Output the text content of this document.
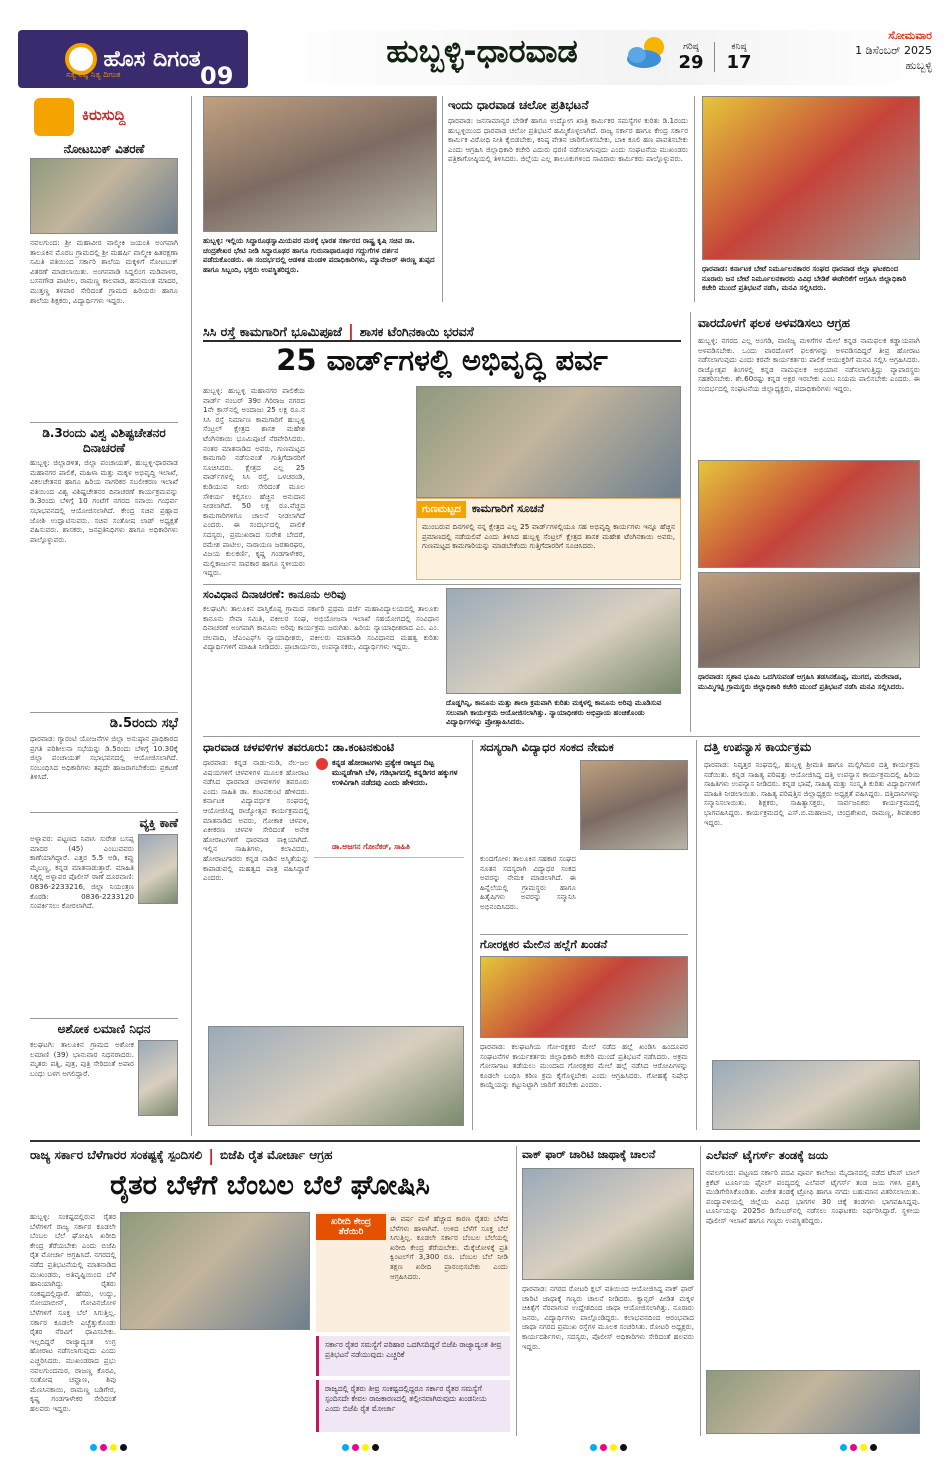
ಹೊಸ ದಿಗಂತ
ಸತ್ಯ ನಿಷ್ಠೆ ನಿತ್ಯ ದಿಗಂತ	09
ಹುಬ್ಬಳ್ಳಿ-ಧಾರವಾಡ	ಗರಿಷ್ಠ
29
ಕನಿಷ್ಠ
17
ಸೋಮವಾರ
1 ಡಿಸೆಂಬರ್ 2025
ಹುಬ್ಬಳ್ಳಿ
ಕಿರುಸುದ್ದಿ
ನೋಟಬುಕ್ ವಿತರಣೆ
ನವಲಗುಂದ: ಶ್ರೀ ಮಹಾವೀರ ವಾಲ್ಮೀಕಿ ಜಯಂತಿ ಅಂಗವಾಗಿ ತಾಲೂಕಿನ ಮೊರಬ ಗ್ರಾಮದಲ್ಲಿ ಶ್ರೀ ಮಹರ್ಷಿ ವಾಲ್ಮೀಕಿ ಹಿತರಕ್ಷಣಾ ಸಮಿತಿ ವತಿಯಿಂದ ಸರ್ಕಾರಿ ಶಾಲೆಯ ಮಕ್ಕಳಿಗೆ ನೋಟಬುಕ್ ವಿತರಣೆ ಮಾಡಲಾಯಿತು. ಅಂಗನವಾಡಿ ಸಿದ್ದಲಿಂಗ ಮಡಿವಾಳರ, ಬಸನಗೌಡ ಪಾಟೀಲ, ರಾಮಣ್ಣ ಕಾಲವಾಡ, ಹನುಮಂತ ಮಾದರ, ಮುತ್ತಣ್ಣ ತಳವಾರ ಸೇರಿದಂತೆ ಗ್ರಾಮದ ಹಿರಿಯರು ಹಾಗೂ ಶಾಲೆಯ ಶಿಕ್ಷಕರು, ವಿದ್ಯಾರ್ಥಿಗಳು ಇದ್ದರು.
ಡಿ.3ರಂದು ವಿಶ್ವ ವಿಶಿಷ್ಟಚೇತನರ ದಿನಾಚರಣೆ
ಹುಬ್ಬಳ್ಳಿ: ಜಿಲ್ಲಾಡಳಿತ, ಜಿಲ್ಲಾ ಪಂಚಾಯತ್, ಹುಬ್ಬಳ್ಳಿ-ಧಾರವಾಡ ಮಹಾನಗರ ಪಾಲಿಕೆ, ಮಹಿಳಾ ಮತ್ತು ಮಕ್ಕಳ ಅಭಿವೃದ್ಧಿ ಇಲಾಖೆ, ವಿಕಲಚೇತನರ ಹಾಗೂ ಹಿರಿಯ ನಾಗರಿಕರ ಸಬಲೀಕರಣ ಇಲಾಖೆ ವತಿಯಿಂದ ವಿಶ್ವ ವಿಶಿಷ್ಟಚೇತನರ ದಿನಾಚರಣೆ ಕಾರ್ಯಕ್ರಮವನ್ನು ಡಿ.3ರಂದು ಬೆಳಿಗ್ಗೆ 10 ಗಂಟೆಗೆ ನಗರದ ಸವಾಯಿ ಗಂಧರ್ವ ಸಭಾಭವನದಲ್ಲಿ ಆಯೋಜಿಸಲಾಗಿದೆ. ಕೇಂದ್ರ ಸಚಿವ ಪ್ರಹ್ಲಾದ ಜೋಶಿ ಉದ್ಘಾಟಿಸುವರು. ಸಚಿವ ಸಂತೋಷ ಲಾಡ್ ಅಧ್ಯಕ್ಷತೆ ವಹಿಸುವರು. ಶಾಸಕರು, ಜನಪ್ರತಿನಿಧಿಗಳು ಹಾಗೂ ಅಧಿಕಾರಿಗಳು ಪಾಲ್ಗೊಳ್ಳುವರು.
ಡಿ.5ರಂದು ಸಭೆ
ಧಾರವಾಡ: ಗ್ಯಾರಂಟಿ ಯೋಜನೆಗಳ ಜಿಲ್ಲಾ ಅನುಷ್ಠಾನ ಪ್ರಾಧಿಕಾರದ ಪ್ರಗತಿ ಪರಿಶೀಲನಾ ಸಭೆಯನ್ನು ಡಿ.5ರಂದು ಬೆಳಿಗ್ಗೆ 10.30ಕ್ಕೆ ಜಿಲ್ಲಾ ಪಂಚಾಯತ್ ಸಭಾಭವನದಲ್ಲಿ ಆಯೋಜಿಸಲಾಗಿದೆ. ಸಂಬಂಧಿಸಿದ ಅಧಿಕಾರಿಗಳು ತಪ್ಪದೇ ಹಾಜರಾಗಬೇಕೆಂದು ಪ್ರಕಟಣೆ ತಿಳಿಸಿದೆ.
ವ್ಯಕ್ತಿ ಕಾಣೆ
ಅಳ್ನಾವರ: ಪಟ್ಟಣದ ನಿವಾಸಿ ಸುರೇಶ ಬಸಪ್ಪ ಮಾದರ (45) ಎಂಬುವವರು ಕಾಣೆಯಾಗಿದ್ದಾರೆ. ಎತ್ತರ 5.5 ಅಡಿ, ಕಪ್ಪು ಮೈಬಣ್ಣ, ಕನ್ನಡ ಮಾತನಾಡುತ್ತಾರೆ. ಮಾಹಿತಿ ಸಿಕ್ಕಲ್ಲಿ ಅಳ್ನಾವರ ಪೊಲೀಸ್ ಠಾಣೆ ದೂರವಾಣಿ: 0836-2233216, ಜಿಲ್ಲಾ ನಿಯಂತ್ರಣ ಕೊಠಡಿ: 0836-2233120 ಸಂಪರ್ಕಿಸಲು ಕೋರಲಾಗಿದೆ.
ಅಶೋಕ ಲಮಾಣಿ ನಿಧನ
ಕಲಘಟಗಿ: ತಾಲೂಕಿನ ಗ್ರಾಮದ ಅಶೋಕ ಲಮಾಣಿ (39) ಭಾನುವಾರ ನಿಧನರಾದರು. ಮೃತರು ಪತ್ನಿ, ಪುತ್ರ, ಪುತ್ರಿ ಸೇರಿದಂತೆ ಅಪಾರ ಬಂಧು ಬಳಗ ಅಗಲಿದ್ದಾರೆ.
ಹುಬ್ಬಳ್ಳಿ: ಇಲ್ಲಿಯ ಸಿದ್ಧಾರೂಢಸ್ವಾಮಿಯವರ ಮಠಕ್ಕೆ ಭಾರತ ಸರ್ಕಾರದ ರಾಷ್ಟ್ರ ಕೃಷಿ ಸಚಿವ ಡಾ. ಚಂದ್ರಶೇಖರ ಭೇಟಿ ನೀಡಿ ಸಿದ್ಧಾರೂಢರ ಹಾಗೂ ಗುರುನಾಥಾರೂಢರ ಗದ್ದುಗೆಗಳ ದರ್ಶನ ಪಡೆದುಕೊಂಡರು. ಈ ಸಂದರ್ಭದಲ್ಲಿ ಆಡಳಿತ ಮಂಡಳಿ ಪದಾಧಿಕಾರಿಗಳು, ಮ್ಯಾನೇಜರ್ ಈರಣ್ಣ ತುಪ್ಪದ ಹಾಗೂ ಸಿಬ್ಬಂದಿ, ಭಕ್ತರು ಉಪಸ್ಥಿತರಿದ್ದರು.
ಇಂದು ಧಾರವಾಡ ಚಲೋ ಪ್ರತಿಭಟನೆ
ಧಾರವಾಡ: ಜನಸಾಮಾನ್ಯರ ಬೇಡಿಕೆ ಹಾಗೂ ಉದ್ಯೋಗ ಖಾತ್ರಿ ಕಾರ್ಮಿಕರ ಸಮಸ್ಯೆಗಳ ಕುರಿತು ಡಿ.1ರಂದು ಹುಬ್ಬಳ್ಳಿಯಿಂದ ಧಾರವಾಡ ಚಲೋ ಪ್ರತಿಭಟನೆ ಹಮ್ಮಿಕೊಳ್ಳಲಾಗಿದೆ. ರಾಜ್ಯ ಸರ್ಕಾರ ಹಾಗೂ ಕೇಂದ್ರ ಸರ್ಕಾರ ಕಾರ್ಮಿಕ ವಿರೋಧಿ ನೀತಿ ಕೈಬಿಡಬೇಕು, ಕನಿಷ್ಠ ವೇತನ ಜಾರಿಗೊಳಿಸಬೇಕು, ಬಾಕಿ ಕೂಲಿ ಹಣ ಪಾವತಿಸಬೇಕು ಎಂದು ಆಗ್ರಹಿಸಿ ಜಿಲ್ಲಾಧಿಕಾರಿ ಕಚೇರಿ ಎದುರು ಧರಣಿ ನಡೆಸಲಾಗುವುದು ಎಂದು ಸಂಘಟನೆಯ ಮುಖಂಡರು ಪತ್ರಿಕಾಗೋಷ್ಠಿಯಲ್ಲಿ ತಿಳಿಸಿದರು. ಜಿಲ್ಲೆಯ ಎಲ್ಲ ತಾಲೂಕುಗಳಿಂದ ಸಾವಿರಾರು ಕಾರ್ಮಿಕರು ಪಾಲ್ಗೊಳ್ಳುವರು.
ಧಾರವಾಡ: ಕರ್ನಾಟಕ ಬೇಟೆ ನಿರ್ಮೂಲನಕಾರರ ಸಂಘದ ಧಾರವಾಡ ಜಿಲ್ಲಾ ಘಟಕದಿಂದ ನೂರಾರು ಜನ ಬೇಟೆ ನಿರ್ಮೂಲನಕಾರರು ವಿವಿಧ ಬೇಡಿಕೆ ಈಡೇರಿಕೆಗೆ ಆಗ್ರಹಿಸಿ ಜಿಲ್ಲಾಧಿಕಾರಿ ಕಚೇರಿ ಮುಂದೆ ಪ್ರತಿಭಟನೆ ನಡೆಸಿ, ಮನವಿ ಸಲ್ಲಿಸಿದರು.
ಸಿಸಿ ರಸ್ತೆ ಕಾಮಗಾರಿಗೆ ಭೂಮಿಪೂಜೆ | ಶಾಸಕ ಟೆಂಗಿನಕಾಯಿ ಭರವಸೆ
25 ವಾರ್ಡ್‌ಗಳಲ್ಲಿ ಅಭಿವೃದ್ಧಿ ಪರ್ವ
ಹುಬ್ಬಳ್ಳಿ: ಹುಬ್ಬಳ್ಳಿ ಮಹಾನಗರ ಪಾಲಿಕೆಯ ವಾರ್ಡ್ ನಂಬರ್ 39ರ ಗಿರಿರಾಜ ನಗರದ 1ನೇ ಕ್ರಾಸ್‌ನಲ್ಲಿ ಅಂದಾಜು 25 ಲಕ್ಷ ರೂ.ನ ಸಿಸಿ ರಸ್ತೆ ನಿರ್ಮಾಣ ಕಾಮಗಾರಿಗೆ ಹುಬ್ಬಳ್ಳಿ ಸೆಂಟ್ರಲ್ ಕ್ಷೇತ್ರದ ಶಾಸಕ ಮಹೇಶ ಟೆಂಗಿನಕಾಯಿ ಭೂಮಿಪೂಜೆ ನೆರವೇರಿಸಿದರು. ನಂತರ ಮಾತನಾಡಿದ ಅವರು, ಗುಣಮಟ್ಟದ ಕಾಮಗಾರಿ ನಡೆಸುವಂತೆ ಗುತ್ತಿಗೆದಾರರಿಗೆ ಸೂಚಿಸಿದರು. ಕ್ಷೇತ್ರದ ಎಲ್ಲ 25 ವಾರ್ಡ್‌ಗಳಲ್ಲಿ ಸಿಸಿ ರಸ್ತೆ, ಒಳಚರಂಡಿ, ಕುಡಿಯುವ ನೀರು ಸೇರಿದಂತೆ ಮೂಲ ಸೌಕರ್ಯ ಕಲ್ಪಿಸಲು ಹೆಚ್ಚಿನ ಅನುದಾನ ನೀಡಲಾಗಿದೆ. 50 ಲಕ್ಷ ರೂ.ವೆಚ್ಚದ ಕಾಮಗಾರಿಗಳಿಗೂ ಚಾಲನೆ ನೀಡಲಾಗಿದೆ ಎಂದರು. ಈ ಸಂದರ್ಭದಲ್ಲಿ ಪಾಲಿಕೆ ಸದಸ್ಯರು, ಪ್ರಮುಖರಾದ ಸುರೇಶ ಬೇದರೆ, ರಮೇಶ ಪಾಟೀಲ, ನಾರಾಯಣ ಜರತಾರಘರ, ವಿಜಯ ಕುಲಕರ್ಣಿ, ಕೃಷ್ಣ ಗಂಡಗಾಳೇಕರ, ಮಲ್ಲಿಕಾರ್ಜುನ ಸಾವಕಾರ ಹಾಗೂ ಸ್ಥಳೀಯರು ಇದ್ದರು.
ಗುಣಮಟ್ಟದ	ಕಾಮಗಾರಿಗೆ ಸೂಚನೆ
ಮುಂಬರುವ ದಿನಗಳಲ್ಲಿ ನನ್ನ ಕ್ಷೇತ್ರದ ಎಲ್ಲ 25 ವಾರ್ಡ್‌ಗಳಲ್ಲಿಯೂ ಸಹ ಅಭಿವೃದ್ಧಿ ಕಾರ್ಯಗಳು ಇನ್ನೂ ಹೆಚ್ಚಿನ ಪ್ರಮಾಣದಲ್ಲಿ ನಡೆಯಲಿವೆ ಎಂದು ತಿಳಿಸಿದ ಹುಬ್ಬಳ್ಳಿ ಸೆಂಟ್ರಲ್ ಕ್ಷೇತ್ರದ ಶಾಸಕ ಮಹೇಶ ಟೆಂಗಿನಕಾಯಿ ಅವರು, ಗುಣಮಟ್ಟದ ಕಾಮಗಾರಿಯನ್ನು ಮಾಡಬೇಕೆಂದು ಗುತ್ತಿಗೆದಾರರಿಗೆ ಸೂಚಿಸಿದರು.
ಸಂವಿಧಾನ ದಿನಾಚರಣೆ: ಕಾನೂನು ಅರಿವು
ಕಲಘಟಗಿ: ತಾಲೂಕಿನ ದಾಸ್ತಿಕೊಪ್ಪ ಗ್ರಾಮದ ಸರ್ಕಾರಿ ಪ್ರಥಮ ದರ್ಜೆ ಮಹಾವಿದ್ಯಾಲಯದಲ್ಲಿ ತಾಲೂಕು ಕಾನೂನು ಸೇವಾ ಸಮಿತಿ, ವಕೀಲರ ಸಂಘ, ಅಭಿಯೋಜನಾ ಇಲಾಖೆ ಸಹಯೋಗದಲ್ಲಿ ಸಂವಿಧಾನ ದಿನಾಚರಣೆ ಅಂಗವಾಗಿ ಕಾನೂನು ಅರಿವು ಕಾರ್ಯಕ್ರಮ ಜರುಗಿತು. ಹಿರಿಯ ನ್ಯಾಯಾಧೀಶರಾದ ಎಂ. ಎಂ. ಚಲವಾದಿ, ಜೆಎಂಎಫ್‌ಸಿ ನ್ಯಾಯಾಧೀಶರು, ವಕೀಲರು ಮಾತನಾಡಿ ಸಂವಿಧಾನದ ಮಹತ್ವ ಕುರಿತು ವಿದ್ಯಾರ್ಥಿಗಳಿಗೆ ಮಾಹಿತಿ ನೀಡಿದರು. ಪ್ರಾಚಾರ್ಯರು, ಉಪನ್ಯಾಸಕರು, ವಿದ್ಯಾರ್ಥಿಗಳು ಇದ್ದರು.
ದೊಡ್ಡಗಿನ್ನಿ, ಕಾನೂನು ಮತ್ತು ಶಾಲಾ ಕ್ರಮವಾಗಿ ಕುರಿತು ಮಕ್ಕಳಲ್ಲಿ ಕಾನೂನು ಅರಿವು ಮೂಡಿಸುವ ಸಲುವಾಗಿ ಕಾರ್ಯಕ್ರಮ ಆಯೋಜಿಸಲಾಗಿತ್ತು. ನ್ಯಾಯಾಧೀಶರು ಅಭಿಪ್ರಾಯ ಹಂಚಿಕೊಂಡು ವಿದ್ಯಾರ್ಥಿಗಳನ್ನು ಪ್ರೋತ್ಸಾಹಿಸಿದರು.
ವಾರದೊಳಗೆ ಫಲಕ ಅಳವಡಿಸಲು ಆಗ್ರಹ
ಹುಬ್ಬಳ್ಳಿ: ನಗರದ ಎಲ್ಲ ಅಂಗಡಿ, ವಾಣಿಜ್ಯ ಮಳಿಗೆಗಳ ಮೇಲೆ ಕನ್ನಡ ನಾಮಫಲಕ ಕಡ್ಡಾಯವಾಗಿ ಅಳವಡಿಸಬೇಕು. ಒಂದು ವಾರದೊಳಗೆ ಫಲಕಗಳನ್ನು ಅಳವಡಿಸದಿದ್ದರೆ ತೀವ್ರ ಹೋರಾಟ ನಡೆಸಲಾಗುವುದು ಎಂದು ಕರವೇ ಕಾರ್ಯಕರ್ತರು ಪಾಲಿಕೆ ಆಯುಕ್ತರಿಗೆ ಮನವಿ ಸಲ್ಲಿಸಿ ಆಗ್ರಹಿಸಿದರು. ರಾಜ್ಯೋತ್ಸವ ತಿಂಗಳಲ್ಲಿ ಕನ್ನಡ ನಾಮಫಲಕ ಅಭಿಯಾನ ನಡೆಸಲಾಗುತ್ತಿದ್ದು ವ್ಯಾಪಾರಸ್ಥರು ಸಹಕರಿಸಬೇಕು. ಶೇ.60ರಷ್ಟು ಕನ್ನಡ ಅಕ್ಷರ ಇರಬೇಕು ಎಂಬ ನಿಯಮ ಪಾಲಿಸಬೇಕು ಎಂದರು. ಈ ಸಂದರ್ಭದಲ್ಲಿ ಸಂಘಟನೆಯ ಜಿಲ್ಲಾಧ್ಯಕ್ಷರು, ಪದಾಧಿಕಾರಿಗಳು ಇದ್ದರು.
ಧಾರವಾಡ: ಸ್ಮಶಾನ ಭೂಮಿ ಒದಗಿಸುವಂತೆ ಆಗ್ರಹಿಸಿ ತಡಸಿನಕೊಪ್ಪ, ಮುಗದ, ಮರೇವಾಡ, ಮುಮ್ಮಿಗಟ್ಟಿ ಗ್ರಾಮಸ್ಥರು ಜಿಲ್ಲಾಧಿಕಾರಿ ಕಚೇರಿ ಮುಂದೆ ಪ್ರತಿಭಟನೆ ನಡೆಸಿ ಮನವಿ ಸಲ್ಲಿಸಿದರು.
ಧಾರವಾಡ ಚಳವಳಿಗಳ ತವರೂರು: ಡಾ.ಕಂಟನಕುಂಟಿ
ಧಾರವಾಡ: ಕನ್ನಡ ನಾಡು-ನುಡಿ, ನೆಲ-ಜಲ ವಿಷಯಗಳಿಗೆ ಚಳವಳಿಗಳ ಮೂಲಕ ಹೋರಾಟ ನಡೆಸಿದ ಧಾರವಾಡ ಚಳವಳಿಗಳ ತವರೂರು ಎಂದು ಸಾಹಿತಿ ಡಾ. ಕಂಟನಕುಂಟಿ ಹೇಳಿದರು. ಕರ್ನಾಟಕ ವಿದ್ಯಾವರ್ಧಕ ಸಂಘದಲ್ಲಿ ಆಯೋಜಿಸಿದ್ದ ರಾಜ್ಯೋತ್ಸವ ಕಾರ್ಯಕ್ರಮದಲ್ಲಿ ಮಾತನಾಡಿದ ಅವರು, ಗೋಕಾಕ ಚಳವಳಿ, ಏಕೀಕರಣ ಚಳವಳಿ ಸೇರಿದಂತೆ ಅನೇಕ ಹೋರಾಟಗಳಿಗೆ ಧಾರವಾಡ ಸಾಕ್ಷಿಯಾಗಿದೆ. ಇಲ್ಲಿನ ಸಾಹಿತಿಗಳು, ಕಲಾವಿದರು, ಹೋರಾಟಗಾರರು ಕನ್ನಡ ನಾಡಿನ ಅಸ್ಮಿತೆಯನ್ನು ಕಾಪಾಡುವಲ್ಲಿ ಮಹತ್ವದ ಪಾತ್ರ ವಹಿಸಿದ್ದಾರೆ ಎಂದರು.
ಕನ್ನಡ ಹೋರಾಟಗಳು ಪ್ರತ್ಯೇಕ ರಾಜ್ಯದ ದಿಟ್ಟ ಮುನ್ನಡೆಗಾಗಿ ಬೆಳಿ, ಗಡಿಭಾಗದಲ್ಲಿ ಕನ್ನಡಿಗರ ಹಕ್ಕುಗಳ ಉಳಿವಿಗಾಗಿ ನಡೆದವು ಎಂದು ಹೇಳಿದರು.
ಡಾ.ಅಜಗನ ಗೋನೆಕರ್, ಸಾಹಿತಿ
ಸದಸ್ಯರಾಗಿ ವಿದ್ಯಾಧರ ಸಂಕದ ನೇಮಕ
ಕುಂದಗೋಳ: ತಾಲೂಕಿನ ಸಹಕಾರ ಸಂಘದ ನೂತನ ಸದಸ್ಯರಾಗಿ ವಿದ್ಯಾಧರ ಸಂಕದ ಅವರನ್ನು ನೇಮಕ ಮಾಡಲಾಗಿದೆ. ಈ ಹಿನ್ನೆಲೆಯಲ್ಲಿ ಗ್ರಾಮಸ್ಥರು ಹಾಗೂ ಹಿತೈಷಿಗಳು ಅವರನ್ನು ಸನ್ಮಾನಿಸಿ ಅಭಿನಂದಿಸಿದರು.
ಗೋರಕ್ಷಕರ ಮೇಲಿನ ಹಲ್ಲೆಗೆ ಖಂಡನೆ
ಧಾರವಾಡ: ಕಲಘಟಗಿಯ ಗೋ-ರಕ್ಷಕರ ಮೇಲೆ ನಡೆದ ಹಲ್ಲೆ ಖಂಡಿಸಿ ಹಿಂದೂಪರ ಸಂಘಟನೆಗಳ ಕಾರ್ಯಕರ್ತರು ಜಿಲ್ಲಾಧಿಕಾರಿ ಕಚೇರಿ ಮುಂದೆ ಪ್ರತಿಭಟನೆ ನಡೆಸಿದರು. ಅಕ್ರಮ ಗೋಸಾಗಾಟ ತಡೆಯಲು ಮುಂದಾದ ಗೋರಕ್ಷಕರ ಮೇಲೆ ಹಲ್ಲೆ ನಡೆಸಿದ ಆರೋಪಿಗಳನ್ನು ಕೂಡಲೇ ಬಂಧಿಸಿ ಕಠಿಣ ಕ್ರಮ ಕೈಗೊಳ್ಳಬೇಕು ಎಂದು ಆಗ್ರಹಿಸಿದರು. ಗೋಹತ್ಯೆ ನಿಷೇಧ ಕಾಯ್ದೆಯನ್ನು ಕಟ್ಟುನಿಟ್ಟಾಗಿ ಜಾರಿಗೆ ತರಬೇಕು ಎಂದರು.
ದತ್ತಿ ಉಪನ್ಯಾಸ ಕಾರ್ಯಕ್ರಮ
ಧಾರವಾಡ: ನಿವೃತ್ತರ ಸಂಘದಲ್ಲಿ, ಹುಬ್ಬಳ್ಳಿ ಶ್ರೀಮತಿ ಹಾಗೂ ಮಲ್ಲಿಗಿಮಠ ದತ್ತಿ ಕಾರ್ಯಕ್ರಮ ನಡೆಯಿತು. ಕನ್ನಡ ಸಾಹಿತ್ಯ ಪರಿಷತ್ತು ಆಯೋಜಿಸಿದ್ದ ದತ್ತಿ ಉಪನ್ಯಾಸ ಕಾರ್ಯಕ್ರಮದಲ್ಲಿ ಹಿರಿಯ ಸಾಹಿತಿಗಳು ಉಪನ್ಯಾಸ ನೀಡಿದರು. ಕನ್ನಡ ಭಾಷೆ, ಸಾಹಿತ್ಯ ಮತ್ತು ಸಂಸ್ಕೃತಿ ಕುರಿತು ವಿದ್ಯಾರ್ಥಿಗಳಿಗೆ ಮಾಹಿತಿ ನೀಡಲಾಯಿತು. ಸಾಹಿತ್ಯ ಪರಿಷತ್ತಿನ ಜಿಲ್ಲಾಧ್ಯಕ್ಷರು ಅಧ್ಯಕ್ಷತೆ ವಹಿಸಿದ್ದರು. ದತ್ತಿದಾನಿಗಳನ್ನು ಸನ್ಮಾನಿಸಲಾಯಿತು. ಶಿಕ್ಷಕರು, ಸಾಹಿತ್ಯಾಸಕ್ತರು, ಸಾರ್ವಜನಿಕರು ಕಾರ್ಯಕ್ರಮದಲ್ಲಿ ಭಾಗವಹಿಸಿದ್ದರು. ಕಾರ್ಯಕ್ರಮದಲ್ಲಿ ಎಸ್.ಬಿ.ಮಹಾಜನ, ಚಂದ್ರಶೇಖರ, ರಾಮಣ್ಣ, ಶಿವಶಂಕರ ಇದ್ದರು.
ರಾಜ್ಯ ಸರ್ಕಾರ ಬೆಳೆಗಾರರ ಸಂಕಷ್ಟಕ್ಕೆ ಸ್ಪಂದಿಸಲಿ | ಬಿಜೆಪಿ ರೈತ ಮೋರ್ಚಾ ಆಗ್ರಹ
ರೈತರ ಬೆಳೆಗೆ ಬೆಂಬಲ ಬೆಲೆ ಘೋಷಿಸಿ
ಹುಬ್ಬಳ್ಳಿ: ಸಂಕಷ್ಟದಲ್ಲಿರುವ ರೈತರ ಬೆಳೆಗಳಿಗೆ ರಾಜ್ಯ ಸರ್ಕಾರ ಕೂಡಲೇ ಬೆಂಬಲ ಬೆಲೆ ಘೋಷಿಸಿ ಖರೀದಿ ಕೇಂದ್ರ ತೆರೆಯಬೇಕು ಎಂದು ಬಿಜೆಪಿ ರೈತ ಮೋರ್ಚಾ ಆಗ್ರಹಿಸಿದೆ. ನಗರದಲ್ಲಿ ನಡೆದ ಪ್ರತಿಭಟನೆಯಲ್ಲಿ ಮಾತನಾಡಿದ ಮುಖಂಡರು, ಅತಿವೃಷ್ಟಿಯಿಂದ ಬೆಳೆ ಹಾನಿಯಾಗಿದ್ದು ರೈತರು ಸಂಕಷ್ಟದಲ್ಲಿದ್ದಾರೆ. ಹೆಸರು, ಉದ್ದು, ಸೋಯಾಬೀನ್, ಗೋವಿನಜೋಳ ಬೆಳೆಗಳಿಗೆ ಸೂಕ್ತ ಬೆಲೆ ಸಿಗುತ್ತಿಲ್ಲ. ಸರ್ಕಾರ ಕೂಡಲೇ ಎಚ್ಚೆತ್ತುಕೊಂಡು ರೈತರ ನೆರವಿಗೆ ಧಾವಿಸಬೇಕು. ಇಲ್ಲದಿದ್ದರೆ ರಾಜ್ಯಾದ್ಯಂತ ಉಗ್ರ ಹೋರಾಟ ನಡೆಸಲಾಗುವುದು ಎಂದು ಎಚ್ಚರಿಸಿದರು. ಮುಖಂಡರಾದ ಪ್ರಭು ನವಲಗುಂದಮಠ, ರಾಜಣ್ಣ ಕೊರವಿ, ಸಂತೋಷ ಚವ್ಹಾಣ, ಶಿವು ಮೆಣಸಿನಕಾಯಿ, ರಾಮಣ್ಣ ಬಡಿಗೇರ, ಕೃಷ್ಣ ಗಂಡಗಾಳೇಕರ ಸೇರಿದಂತೆ ಹಲವರು ಇದ್ದರು.
ಖರೀದಿ ಕೇಂದ್ರ ತೆರೆಯಿರಿ
ಈ ವರ್ಷ ಮಳೆ ಹೆಚ್ಚಾದ ಕಾರಣ ರೈತರು ಬೆಳೆದ ಬೆಳೆಗಳು ಹಾಳಾಗಿವೆ. ಉಳಿದ ಬೆಳೆಗೆ ಸೂಕ್ತ ಬೆಲೆ ಸಿಗುತ್ತಿಲ್ಲ. ಕೂಡಲೇ ಸರ್ಕಾರ ಬೆಂಬಲ ಬೆಲೆಯಲ್ಲಿ ಖರೀದಿ ಕೇಂದ್ರ ತೆರೆಯಬೇಕು. ಮೆಕ್ಕೆಜೋಳಕ್ಕೆ ಪ್ರತಿ ಕ್ವಿಂಟಲ್‌ಗೆ 3,300 ರೂ. ಬೆಂಬಲ ಬೆಲೆ ನೀಡಿ ತಕ್ಷಣ ಖರೀದಿ ಪ್ರಾರಂಭಿಸಬೇಕು ಎಂದು ಆಗ್ರಹಿಸಿದರು.
ಸರ್ಕಾರ ರೈತರ ಸಮಸ್ಯೆಗೆ ಪರಿಹಾರ ಒದಗಿಸದಿದ್ದರೆ ಬಿಜೆಪಿ ರಾಜ್ಯಾದ್ಯಂತ ತೀವ್ರ ಪ್ರತಿಭಟನೆ ನಡೆಯುವುದು ಎಚ್ಚರಿಕೆ
ರಾಜ್ಯದಲ್ಲಿ ರೈತರು ತೀವ್ರ ಸಂಕಷ್ಟದಲ್ಲಿದ್ದರೂ ಸರ್ಕಾರ ರೈತರ ಸಮಸ್ಯೆಗೆ ಸ್ಪಂದಿಸದೇ ಕೇವಲ ರಾಜಕಾರಣದಲ್ಲಿ ತಲ್ಲೀನವಾಗಿರುವುದು ಖಂಡನೀಯ ಎಂದು ಬಿಜೆಪಿ ರೈತ ಮೋರ್ಚಾ
ವಾಕ್ ಫಾರ್ ಚಾರಿಟಿ ಜಾಥಾಕ್ಕೆ ಚಾಲನೆ
ಧಾರವಾಡ: ನಗರದ ರೋಟರಿ ಕ್ಲಬ್ ವತಿಯಿಂದ ಆಯೋಜಿಸಿದ್ದ ವಾಕ್ ಫಾರ್ ಚಾರಿಟಿ ಜಾಥಾಕ್ಕೆ ಗಣ್ಯರು ಚಾಲನೆ ನೀಡಿದರು. ಕ್ಯಾನ್ಸರ್ ಪೀಡಿತ ಮಕ್ಕಳ ಚಿಕಿತ್ಸೆಗೆ ನೆರವಾಗುವ ಉದ್ದೇಶದಿಂದ ಜಾಥಾ ಆಯೋಜಿಸಲಾಗಿತ್ತು. ನೂರಾರು ಜನರು, ವಿದ್ಯಾರ್ಥಿಗಳು ಪಾಲ್ಗೊಂಡಿದ್ದರು. ಕಲಾಭವನದಿಂದ ಆರಂಭವಾದ ಜಾಥಾ ನಗರದ ಪ್ರಮುಖ ರಸ್ತೆಗಳ ಮೂಲಕ ಸಂಚರಿಸಿತು. ರೋಟರಿ ಅಧ್ಯಕ್ಷರು, ಕಾರ್ಯದರ್ಶಿಗಳು, ಸದಸ್ಯರು, ಪೊಲೀಸ್ ಅಧಿಕಾರಿಗಳು ಸೇರಿದಂತೆ ಹಲವರು ಇದ್ದರು.
ಎಲೆವನ್ ಟೈಗರ್ಸ್ ತಂಡಕ್ಕೆ ಜಯ
ನವಲಗುಂದ: ಪಟ್ಟಣದ ಸರ್ಕಾರಿ ಪದವಿ ಪೂರ್ವ ಕಾಲೇಜು ಮೈದಾನದಲ್ಲಿ ನಡೆದ ಟೆನಿಸ್ ಬಾಲ್ ಕ್ರಿಕೆಟ್ ಟೂರ್ನಿಯ ಫೈನಲ್ ಪಂದ್ಯದಲ್ಲಿ ಎಲೆವನ್ ಟೈಗರ್ಸ್ ತಂಡ ಜಯ ಗಳಿಸಿ ಪ್ರಶಸ್ತಿ ಮುಡಿಗೇರಿಸಿಕೊಂಡಿತು. ವಿಜೇತ ತಂಡಕ್ಕೆ ಟ್ರೋಫಿ ಹಾಗೂ ನಗದು ಬಹುಮಾನ ವಿತರಿಸಲಾಯಿತು. ಪಂದ್ಯಾವಳಿಯಲ್ಲಿ ಜಿಲ್ಲೆಯ ವಿವಿಧ ಭಾಗಗಳ 30 ಚಕ್ಕೆ ತಂಡಗಳು ಭಾಗವಹಿಸಿದ್ದವು. ಟೂರ್ನಿಯನ್ನು 2025ರ ಡಿಸೆಂಬರ್‌ನಲ್ಲಿ ನಡೆಸಲು ಸಂಘಟಕರು ನಿರ್ಧರಿಸಿದ್ದಾರೆ. ಸ್ಥಳೀಯ ಪೊಲೀಸ್ ಇಲಾಖೆ ಹಾಗೂ ಗಣ್ಯರು ಉಪಸ್ಥಿತರಿದ್ದರು.
